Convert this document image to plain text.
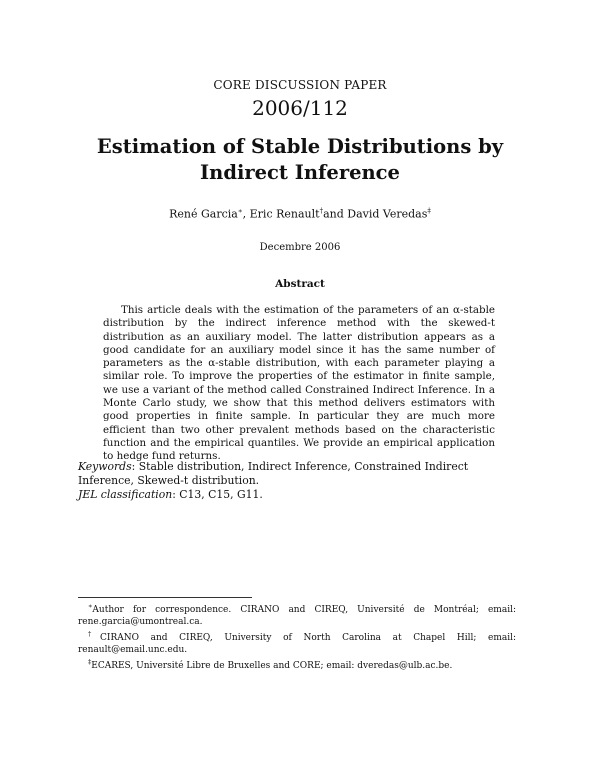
CORE DISCUSSION PAPER
2006/112
Estimation of Stable Distributions by
Indirect Inference
René Garcia∗, Eric Renault†and David Veredas‡
Decembre 2006
Abstract

This article deals with the estimation of the parameters of an α-stable distribution by the indirect inference method with the skewed-t distribution as an auxiliary model. The latter distribution appears as a good candidate for an auxiliary model since it has the same number of parameters as the α-stable distribution, with each parameter playing a similar role. To improve the properties of the estimator in finite sample, we use a variant of the method called Constrained Indirect Inference. In a Monte Carlo study, we show that this method delivers estimators with good properties in finite sample. In particular they are much more efficient than two other prevalent methods based on the characteristic function and the empirical quantiles. We provide an empirical application to hedge fund returns.

Keywords: Stable distribution, Indirect Inference, Constrained Indirect Inference, Skewed-t distribution.

JEL classification: C13, C15, G11.

∗Author for correspondence. CIRANO and CIREQ, Université de Montréal; email: rene.garcia@umontreal.ca.

†CIRANO and CIREQ, University of North Carolina at Chapel Hill; email: renault@email.unc.edu.

‡ECARES, Université Libre de Bruxelles and CORE; email: dveredas@ulb.ac.be.
